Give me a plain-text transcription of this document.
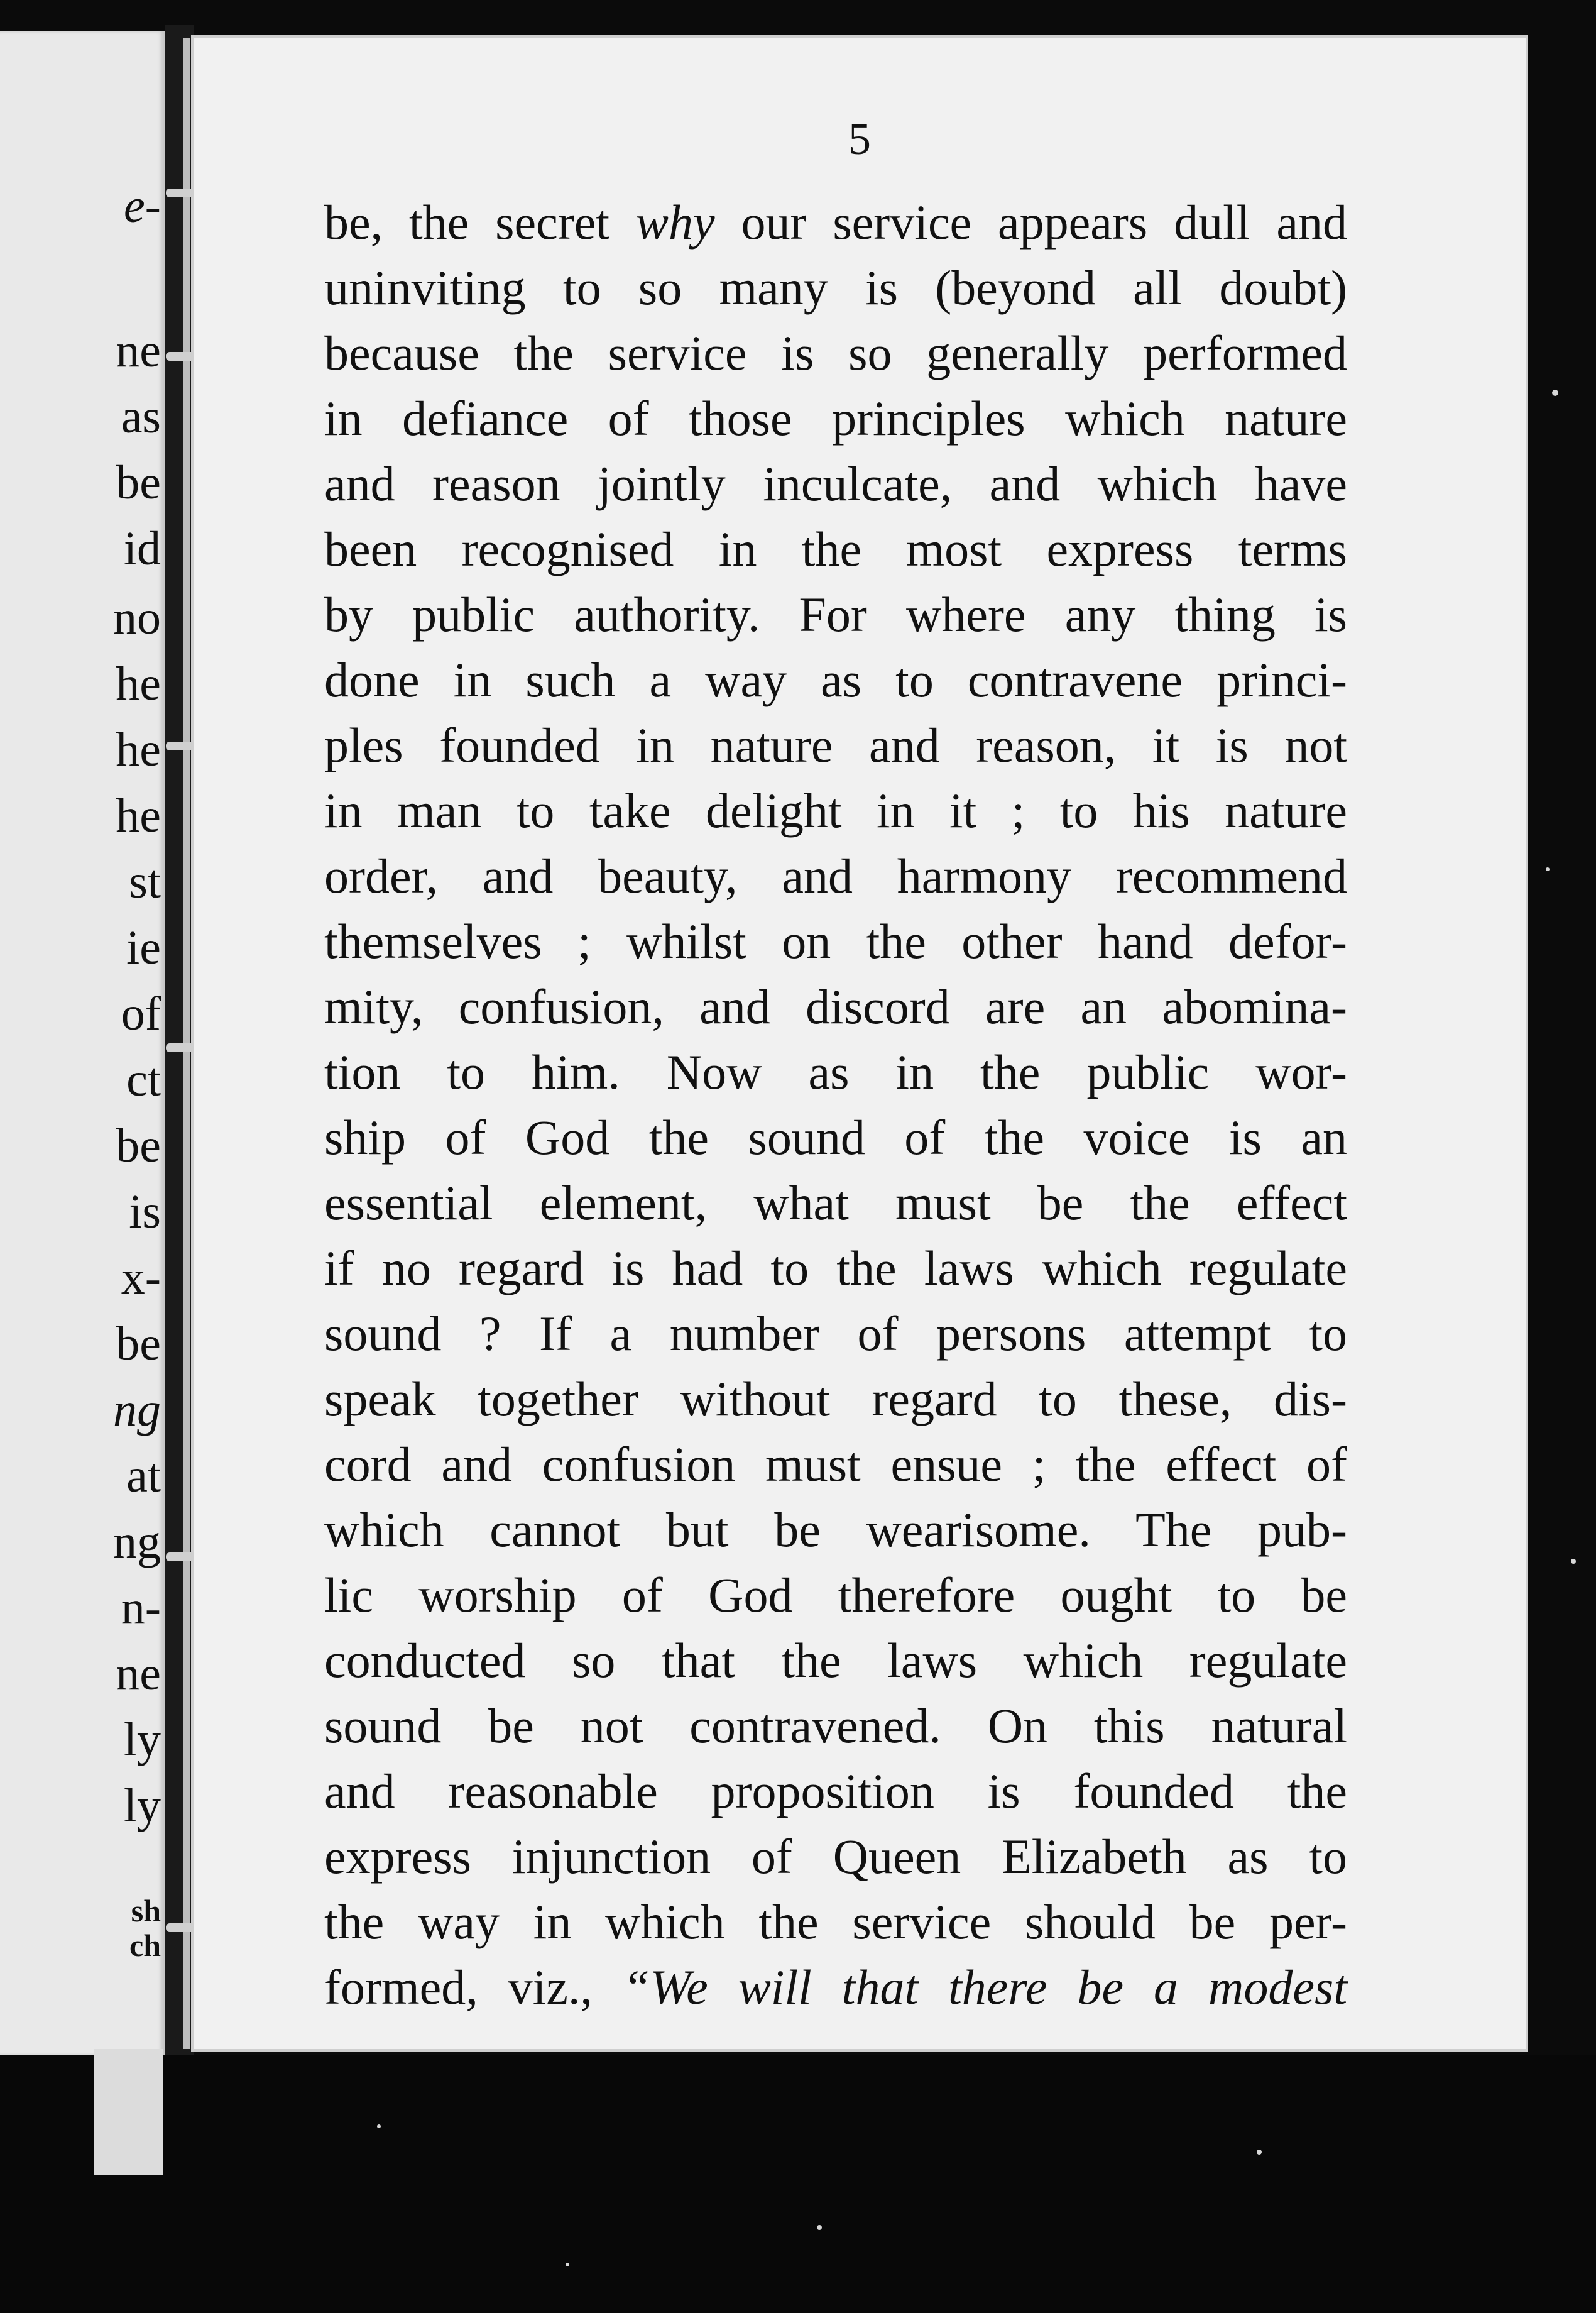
e-
ne
as
be
id
no
he
he
he
st
ie
of
ct
be
is
x-
be
ng
at
ng
n-
ne
ly
ly
sh
ch
5
be, the secret why our service appears dull and
uninviting to so many is (beyond all doubt)
because the service is so generally performed
in defiance of those principles which nature
and reason jointly inculcate, and which have
been recognised in the most express terms
by public authority. For where any thing is
done in such a way as to contravene princi-
ples founded in nature and reason, it is not
in man to take delight in it ; to his nature
order, and beauty, and harmony recommend
themselves ; whilst on the other hand defor-
mity, confusion, and discord are an abomina-
tion to him. Now as in the public wor-
ship of God the sound of the voice is an
essential element, what must be the effect
if no regard is had to the laws which regulate
sound ? If a number of persons attempt to
speak together without regard to these, dis-
cord and confusion must ensue ; the effect of
which cannot but be wearisome. The pub-
lic worship of God therefore ought to be
conducted so that the laws which regulate
sound be not contravened. On this natural
and reasonable proposition is founded the
express injunction of Queen Elizabeth as to
the way in which the service should be per-
formed, viz., “We will that there be a modest
